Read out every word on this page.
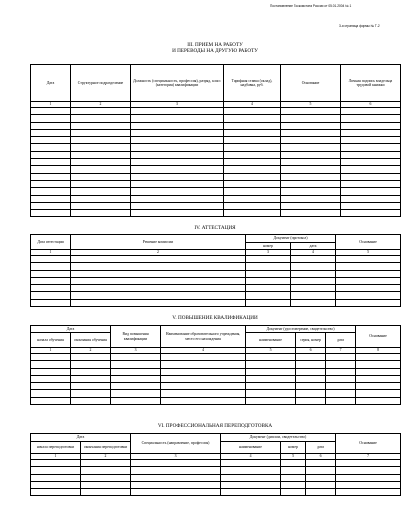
Постановление Госкомстата России от 05.01.2004 № 1
3-я страница формы № Т-2
III. ПРИЕМ НА РАБОТУ
И ПЕРЕВОДЫ НА ДРУГУЮ РАБОТУ
Дата	Структурное подразделение	Должность (специальность, профессия), разряд, класс (категория) квалификации	Тарифная ставка (оклад), надбавка, руб.	Основание	Личная подпись владельца трудовой книжки
1	2	3	4	5	6

IV. АТТЕСТАЦИЯ
Дата аттестации	Решение комиссии	Документ (протокол)		Основание
		номер	дата	
1	2	3	4	5

V. ПОВЫШЕНИЕ КВАЛИФИКАЦИИ
Дата		Вид повышения квалификации	Наименование образовательного учреждения, место его нахождения	Документ (удостоверение, свидетельство)			Основание
начала обучения	окончания обучения			наименование	серия, номер	дата	
1	2	3	4	5	6	7	8

VI. ПРОФЕССИОНАЛЬНАЯ ПЕРЕПОДГОТОВКА
Дата		Специальность (направление, профессия)	Документ (диплом, свидетельство)			Основание
начала переподготовки	окончания переподготовки		наименование	номер	дата	
1	2	3	4	5	6	7
